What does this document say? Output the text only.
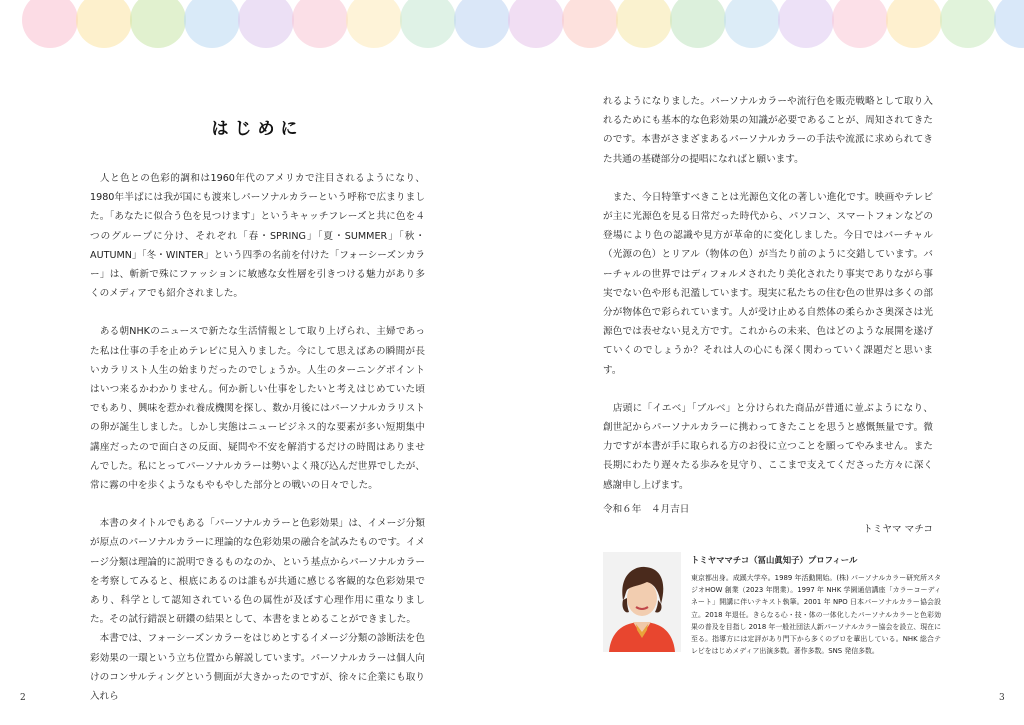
はじめに

　人と色との色彩的調和は1960年代のアメリカで注目されるようになり、1980年半ばには我が国にも渡来しパーソナルカラーという呼称で広まりました。「あなたに似合う色を見つけます」というキャッチフレーズと共に色を４つのグループに分け、それぞれ「春・SPRING」「夏・SUMMER」「秋・AUTUMN」「冬・WINTER」という四季の名前を付けた「フォーシーズンカラー」は、斬新で殊にファッションに敏感な女性層を引きつける魅力があり多くのメディアでも紹介されました。

　ある朝NHKのニュースで新たな生活情報として取り上げられ、主婦であった私は仕事の手を止めテレビに見入りました。今にして思えばあの瞬間が長いカラリスト人生の始まりだったのでしょうか。人生のターニングポイントはいつ来るかわかりません。何か新しい仕事をしたいと考えはじめていた頃でもあり、興味を惹かれ養成機関を探し、数か月後にはパーソナルカラリストの卵が誕生しました。しかし実態はニュービジネス的な要素が多い短期集中講座だったので面白さの反面、疑問や不安を解消するだけの時間はありませんでした。私にとってパーソナルカラーは勢いよく飛び込んだ世界でしたが、常に霧の中を歩くようなもやもやした部分との戦いの日々でした。

　本書のタイトルでもある「パーソナルカラーと色彩効果」は、イメージ分類が原点のパーソナルカラーに理論的な色彩効果の融合を試みたものです。イメージ分類は理論的に説明できるものなのか、という基点からパーソナルカラーを考察してみると、根底にあるのは誰もが共通に感じる客観的な色彩効果であり、科学として認知されている色の属性が及ぼす心理作用に重なりました。その試行錯誤と研鑽の結果として、本書をまとめることができました。

　本書では、フォーシーズンカラーをはじめとするイメージ分類の診断法を色彩効果の一環という立ち位置から解説しています。パーソナルカラーは個人向けのコンサルティングという側面が大きかったのですが、徐々に企業にも取り入れら

れるようになりました。パーソナルカラーや流行色を販売戦略として取り入れるためにも基本的な色彩効果の知識が必要であることが、周知されてきたのです。本書がさまざまあるパーソナルカラーの手法や流派に求められてきた共通の基礎部分の提唱になればと願います。

　また、今日特筆すべきことは光源色文化の著しい進化です。映画やテレビが主に光源色を見る日常だった時代から、パソコン、スマートフォンなどの登場により色の認識や見方が革命的に変化しました。今日ではバーチャル（光源の色）とリアル（物体の色）が当たり前のように交錯しています。バーチャルの世界ではディフォルメされたり美化されたり事実でありながら事実でない色や形も氾濫しています。現実に私たちの住む色の世界は多くの部分が物体色で彩られています。人が受け止める自然体の柔らかさ奥深さは光源色では表せない見え方です。これからの未来、色はどのような展開を遂げていくのでしょうか？それは人の心にも深く関わっていく課題だと思います。

　店頭に「イエベ」「ブルベ」と分けられた商品が普通に並ぶようになり、創世記からパーソナルカラーに携わってきたことを思うと感慨無量です。微力ですが本書が手に取られる方のお役に立つことを願ってやみません。また長期にわたり遅々たる歩みを見守り、ここまで支えてくださった方々に深く感謝申し上げます。

令和６年　４月吉日
トミヤマ マチコ
トミヤママチコ（冨山眞知子）プロフィール
東京都出身。成蹊大学卒。1989 年活動開始。(株) パーソナルカラー研究所スタジオHOW 創業（2023 年閉業）。1997 年 NHK 学園通信講座「カラーコーディネート」開講に伴いテキスト執筆。2001 年 NPO 日本パーソナルカラー協会設立。2018 年退任。きらなる心・技・体の一体化したパーソナルカラーと色彩効果の普及を目指し 2018 年一般社団法人新パーソナルカラー協会を設立、現在に至る。指導方には定評があり門下から多くのプロを輩出している。NHK 総合テレビをはじめメディア出演多数。著作多数。SNS 発信多数。
2	3
